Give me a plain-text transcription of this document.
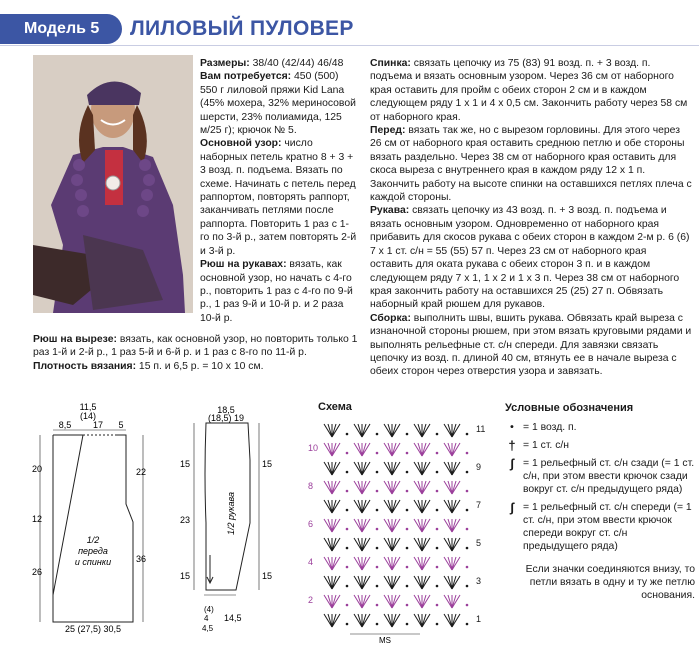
Модель 5	ЛИЛОВЫЙ ПУЛОВЕР

Размеры: 38/40 (42/44) 46/48

Вам потребуется: 450 (500) 550 г лиловой пряжи Kid Lana (45% мохера, 32% мериносовой шерсти, 23% полиамида, 125 м/25 г); крючок № 5.

Основной узор: число наборных петель кратно 8 + 3 + 3 возд. п. подъема. Вязать по схеме. Начинать с петель перед раппортом, повторять раппорт, заканчивать петлями после раппорта. Повторить 1 раз с 1-го по 3-й р., затем повторять 2-й и 3-й р.

Рюш на рукавах: вязать, как основной узор, но начать с 4-го р., повторить 1 раз с 4-го по 9-й р., 1 раз 9-й и 10-й р. и 2 раза 10-й р.

Рюш на вырезе: вязать, как основной узор, но повторить только 1 раз 1-й и 2-й р., 1 раз 5-й и 6-й р. и 1 раз с 8-го по 11-й р.

Плотность вязания: 15 п. и 6,5 р. = 10 х 10 см.

Спинка: связать цепочку из 75 (83) 91 возд. п. + 3 возд. п. подъема и вязать основным узором. Через 36 см от наборного края оставить для пройм с обеих сторон 2 см и в каждом следующем ряду 1 х 1 и 4 х 0,5 см. Закончить работу через 58 см от наборного края.

Перед: вязать так же, но с вырезом горловины. Для этого через 26 см от наборного края оставить среднюю петлю и обе стороны вязать раздельно. Через 38 см от наборного края оставить для скоса выреза с внутреннего края в каждом ряду 12 х 1 п. Закончить работу на высоте спинки на оставшихся петлях плеча с каждой стороны.

Рукава: связать цепочку из 43 возд. п. + 3 возд. п. подъема и вязать основным узором. Одновременно от наборного края прибавить для скосов рукава с обеих сторон в каждом 2-м р. 6 (6) 7 х 1 ст. с/н = 55 (55) 57 п. Через 23 см от наборного края оставить для оката рукава с обеих сторон 3 п. и в каждом следующем ряду 7 х 1, 1 х 2 и 1 х 3 п. Через 38 см от наборного края закончить работу на оставшихся 25 (25) 27 п. Обвязать наборный край рюшем для рукавов.

Сборка: выполнить швы, вшить рукава. Обвязать край выреза с изнаночной стороны рюшем, при этом вязать круговыми рядами и выполнять рельефные ст. с/н спереди. Для завязки связать цепочку из возд. п. длиной 40 см, втянуть ее в начале выреза с обеих сторон через отверстия узора и завязать.

11,5
(14)
8,5 17 5
20
12
26
22
36
1/2
переда
и спинки
25 (27,5) 30,5
18,5
(18,5) 19
15
23
15
15
15
1/2 рукава
(4)
4
4,5
14,5
Схема
10
8
6
4
2
11
9
7
5
3
1
MS
Условные обозначения
• = 1 возд. п.
† = 1 ст. с/н
ʃ = 1 рельефный ст. с/н сзади (= 1 ст. с/н, при этом ввести крючок сзади вокруг ст. с/н предыдущего ряда)
ʃ = 1 рельефный ст. с/н спереди (= 1 ст. с/н, при этом ввести крючок спереди вокруг ст. с/н предыдущего ряда)
Если значки соединяются внизу, то петли вязать в одну и ту же петлю основания.
